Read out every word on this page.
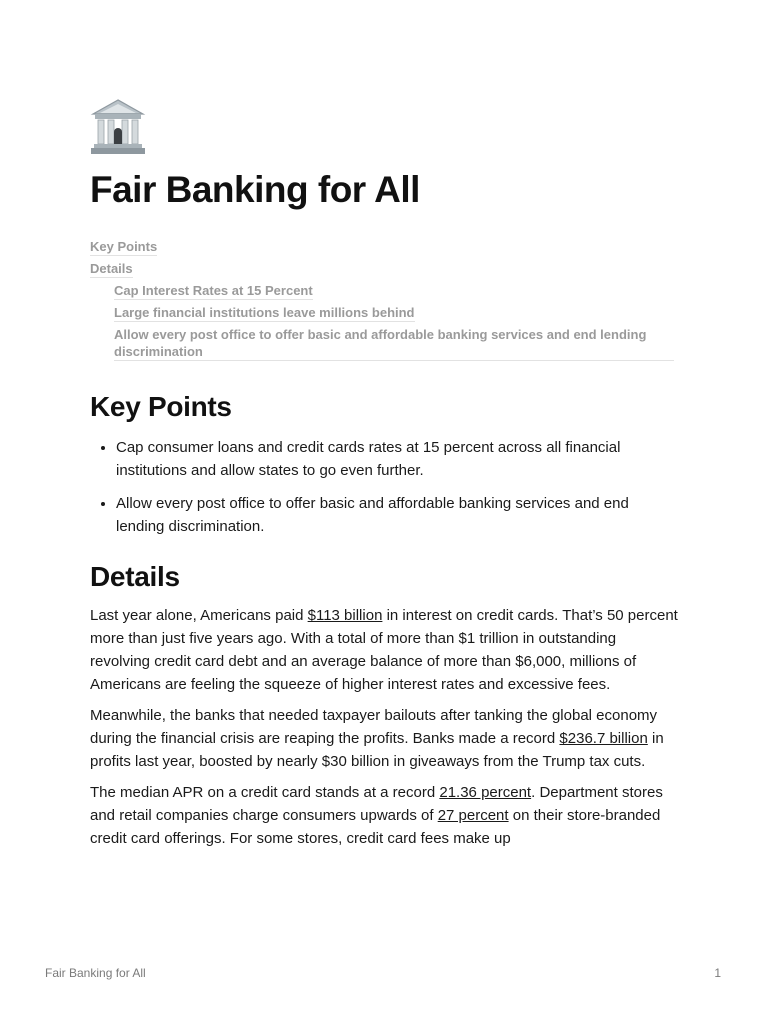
Fair Banking for All
Key Points
Details
Cap Interest Rates at 15 Percent
Large financial institutions leave millions behind
Allow every post office to offer basic and affordable banking services and end lending discrimination
Key Points
• Cap consumer loans and credit cards rates at 15 percent across all financial institutions and allow states to go even further.
• Allow every post office to offer basic and affordable banking services and end lending discrimination.
Details

Last year alone, Americans paid $113 billion in interest on credit cards. That’s 50 percent more than just five years ago. With a total of more than $1 trillion in outstanding revolving credit card debt and an average balance of more than $6,000, millions of Americans are feeling the squeeze of higher interest rates and excessive fees.

Meanwhile, the banks that needed taxpayer bailouts after tanking the global economy during the financial crisis are reaping the profits. Banks made a record $236.7 billion in profits last year, boosted by nearly $30 billion in giveaways from the Trump tax cuts.

The median APR on a credit card stands at a record 21.36 percent. Department stores and retail companies charge consumers upwards of 27 percent on their store-branded credit card offerings. For some stores, credit card fees make up

Fair Banking for All	1
